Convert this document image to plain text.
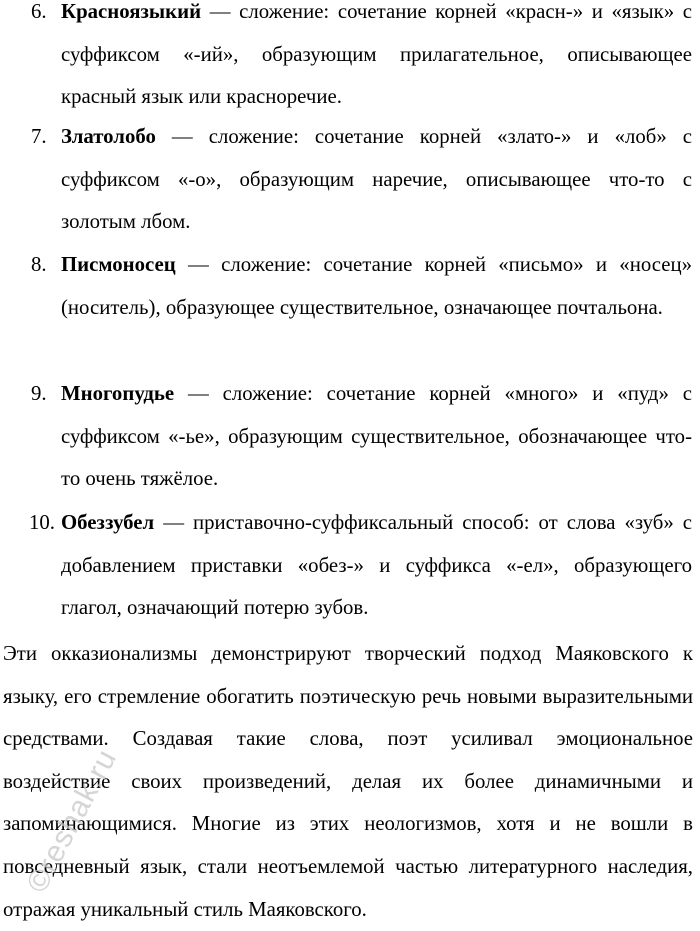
6. Красноязыкий — сложение: сочетание корней «красн-» и «язык» с суффиксом «-ий», образующим прилагательное, описывающее красный язык или красноречие.
7. Златолобо — сложение: сочетание корней «злато-» и «лоб» с суффиксом «-о», образующим наречие, описывающее что-то с золотым лбом.
8. Писмоносец — сложение: сочетание корней «письмо» и «носец» (носитель), образующее существительное, означающее почтальона.
9. Многопудье — сложение: сочетание корней «много» и «пуд» с суффиксом «-ье», образующим существительное, обозначающее что-то очень тяжёлое.
10. Обеззубел — приставочно-суффиксальный способ: от слова «зуб» с добавлением приставки «обез-» и суффикса «-ел», образующего глагол, означающий потерю зубов.

Эти окказионализмы демонстрируют творческий подход Маяковского к языку, его стремление обогатить поэтическую речь новыми выразительными средствами. Создавая такие слова, поэт усиливал эмоциональное воздействие своих произведений, делая их более динамичными и запоминающимися. Многие из этих неологизмов, хотя и не вошли в повседневный язык, стали неотъемлемой частью литературного наследия, отражая уникальный стиль Маяковского.

©reshak.ru
